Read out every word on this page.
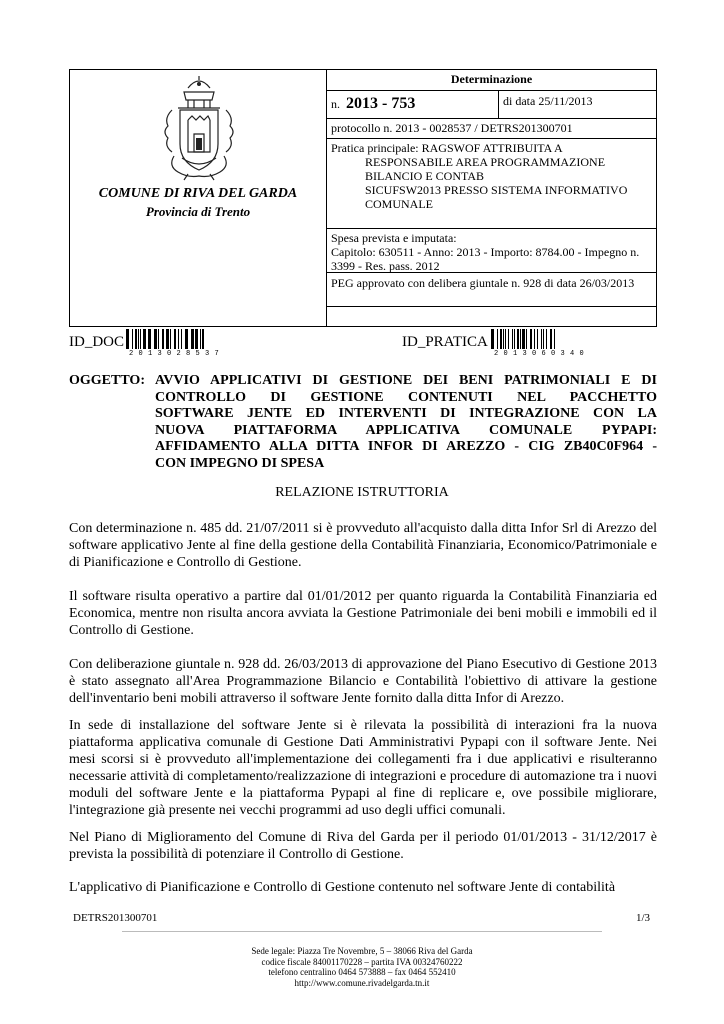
COMUNE DI RIVA DEL GARDA
Provincia di Trento
Determinazione
n. 2013 - 753	di data 25/11/2013
protocollo n. 2013 - 0028537 / DETRS201300701
Pratica principale: RAGSWOF ATTRIBUITA A
RESPONSABILE AREA PROGRAMMAZIONE
BILANCIO E CONTAB
SICUFSW2013 PRESSO SISTEMA INFORMATIVO
COMUNALE
Spesa prevista e imputata:
Capitolo: 630511 - Anno: 2013 - Importo: 8784.00 - Impegno n.
3399 - Res. pass. 2012
PEG approvato con delibera giuntale n. 928 di data 26/03/2013
ID_DOC
2013028537
ID_PRATICA
2013060340
OGGETTO: AVVIO APPLICATIVI DI GESTIONE DEI BENI PATRIMONIALI E DI
CONTROLLO DI GESTIONE CONTENUTI NEL PACCHETTO
SOFTWARE JENTE ED INTERVENTI DI INTEGRAZIONE CON LA
NUOVA PIATTAFORMA APPLICATIVA COMUNALE PYPAPI:
AFFIDAMENTO ALLA DITTA INFOR DI AREZZO - CIG ZB40C0F964 -
CON IMPEGNO DI SPESA
RELAZIONE ISTRUTTORIA
Con determinazione n. 485 dd. 21/07/2011 si è provveduto all'acquisto dalla ditta Infor Srl di Arezzo del software applicativo Jente al fine della gestione della Contabilità Finanziaria, Economico/Patrimoniale e di Pianificazione e Controllo di Gestione.
Il software risulta operativo a partire dal 01/01/2012 per quanto riguarda la Contabilità Finanziaria ed Economica, mentre non risulta ancora avviata la Gestione Patrimoniale dei beni mobili e immobili ed il Controllo di Gestione.
Con deliberazione giuntale n. 928 dd. 26/03/2013 di approvazione del Piano Esecutivo di Gestione 2013 è stato assegnato all'Area Programmazione Bilancio e Contabilità l'obiettivo di attivare la gestione dell'inventario beni mobili attraverso il software Jente fornito dalla ditta Infor di Arezzo.
In sede di installazione del software Jente si è rilevata la possibilità di interazioni fra la nuova piattaforma applicativa comunale di Gestione Dati Amministrativi Pypapi con il software Jente. Nei mesi scorsi si è provveduto all'implementazione dei collegamenti fra i due applicativi e risulteranno necessarie attività di completamento/realizzazione di integrazioni e procedure di automazione tra i nuovi moduli del software Jente e la piattaforma Pypapi al fine di replicare e, ove possibile migliorare, l'integrazione già presente nei vecchi programmi ad uso degli uffici comunali.
Nel Piano di Miglioramento del Comune di Riva del Garda per il periodo 01/01/2013 - 31/12/2017 è prevista la possibilità di potenziare il Controllo di Gestione.
L'applicativo di Pianificazione e Controllo di Gestione contenuto nel software Jente di contabilità
DETRS201300701	1/3
Sede legale: Piazza Tre Novembre, 5 – 38066 Riva del Garda
codice fiscale 84001170228 – partita IVA 00324760222
telefono centralino 0464 573888 – fax 0464 552410
http://www.comune.rivadelgarda.tn.it
